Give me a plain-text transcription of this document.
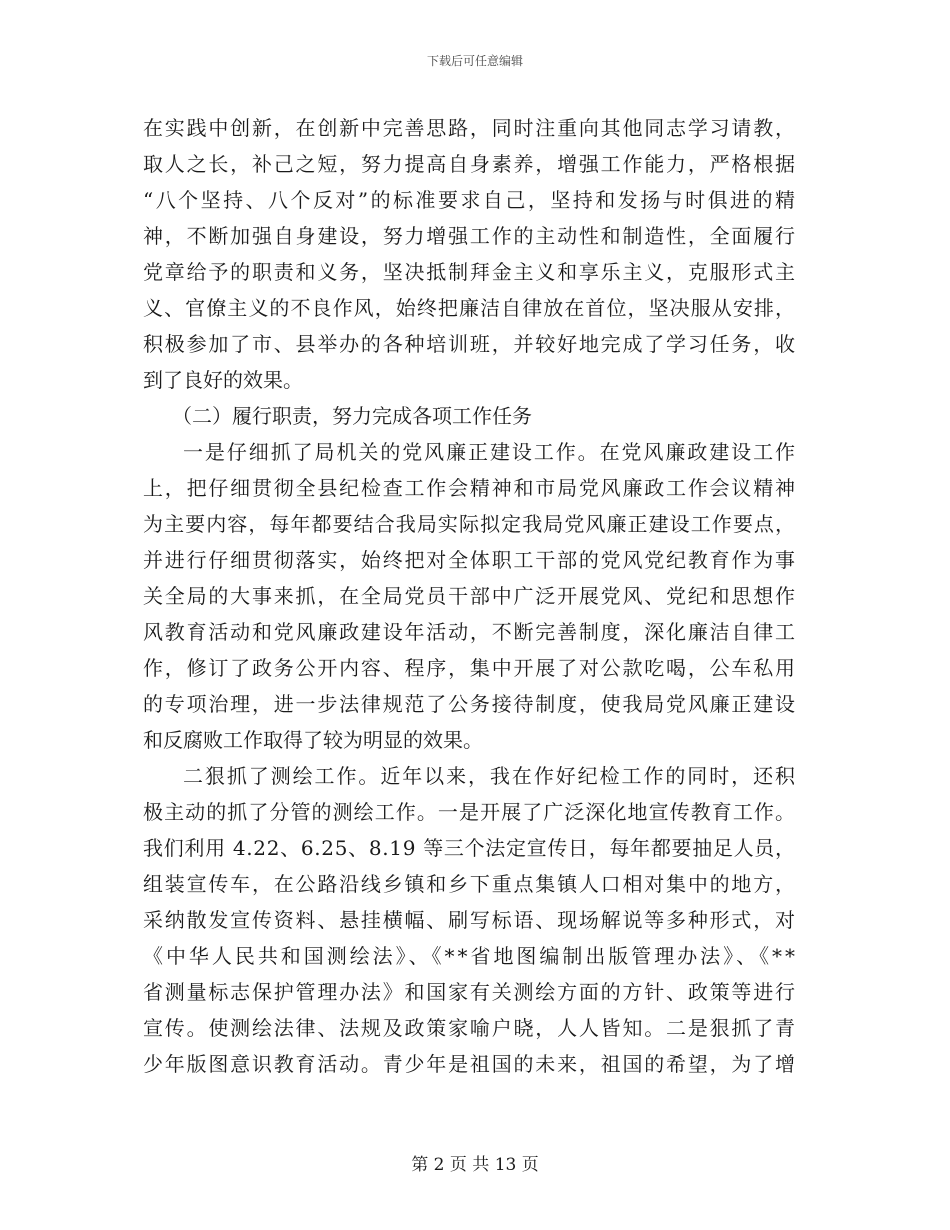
下载后可任意编辑
在实践中创新，在创新中完善思路，同时注重向其他同志学习请教，
取人之长，补己之短，努力提高自身素养，增强工作能力，严格根据
“八个坚持、八个反对”的标准要求自己，坚持和发扬与时俱进的精
神，不断加强自身建设，努力增强工作的主动性和制造性，全面履行
党章给予的职责和义务，坚决抵制拜金主义和享乐主义，克服形式主
义、官僚主义的不良作风，始终把廉洁自律放在首位，坚决服从安排，
积极参加了市、县举办的各种培训班，并较好地完成了学习任务，收
到了良好的效果。
（二）履行职责，努力完成各项工作任务
一是仔细抓了局机关的党风廉正建设工作。在党风廉政建设工作
上，把仔细贯彻全县纪检查工作会精神和市局党风廉政工作会议精神
为主要内容，每年都要结合我局实际拟定我局党风廉正建设工作要点，
并进行仔细贯彻落实，始终把对全体职工干部的党风党纪教育作为事
关全局的大事来抓，在全局党员干部中广泛开展党风、党纪和思想作
风教育活动和党风廉政建设年活动，不断完善制度，深化廉洁自律工
作，修订了政务公开内容、程序，集中开展了对公款吃喝，公车私用
的专项治理，进一步法律规范了公务接待制度，使我局党风廉正建设
和反腐败工作取得了较为明显的效果。
二狠抓了测绘工作。近年以来，我在作好纪检工作的同时，还积
极主动的抓了分管的测绘工作。一是开展了广泛深化地宣传教育工作。
我们利用 4.22、6.25、8.19 等三个法定宣传日，每年都要抽足人员，
组装宣传车，在公路沿线乡镇和乡下重点集镇人口相对集中的地方，
采纳散发宣传资料、悬挂横幅、刷写标语、现场解说等多种形式，对
《中华人民共和国测绘法》、《**省地图编制出版管理办法》、《**
省测量标志保护管理办法》和国家有关测绘方面的方针、政策等进行
宣传。使测绘法律、法规及政策家喻户晓，人人皆知。二是狠抓了青
少年版图意识教育活动。青少年是祖国的未来，祖国的希望，为了增
第 2 页 共 13 页
